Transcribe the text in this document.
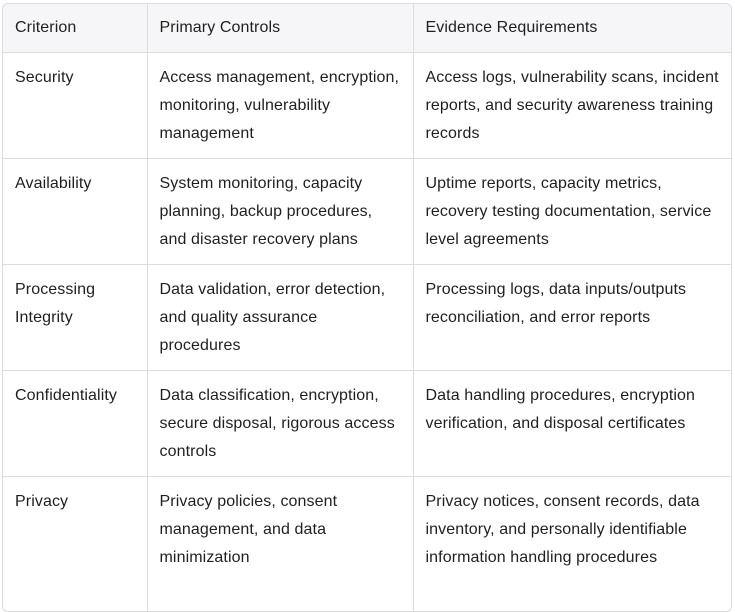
Criterion	Primary Controls	Evidence Requirements
Security	Access management, encryption, monitoring, vulnerability management	Access logs, vulnerability scans, incident reports, and security awareness training records
Availability	System monitoring, capacity planning, backup procedures, and disaster recovery plans	Uptime reports, capacity metrics, recovery testing documentation, service level agreements
Processing Integrity	Data validation, error detection, and quality assurance procedures	Processing logs, data inputs/outputs reconciliation, and error reports
Confidentiality	Data classification, encryption, secure disposal, rigorous access controls	Data handling procedures, encryption verification, and disposal certificates
Privacy	Privacy policies, consent management, and data minimization	Privacy notices, consent records, data inventory, and personally identifiable information handling procedures
